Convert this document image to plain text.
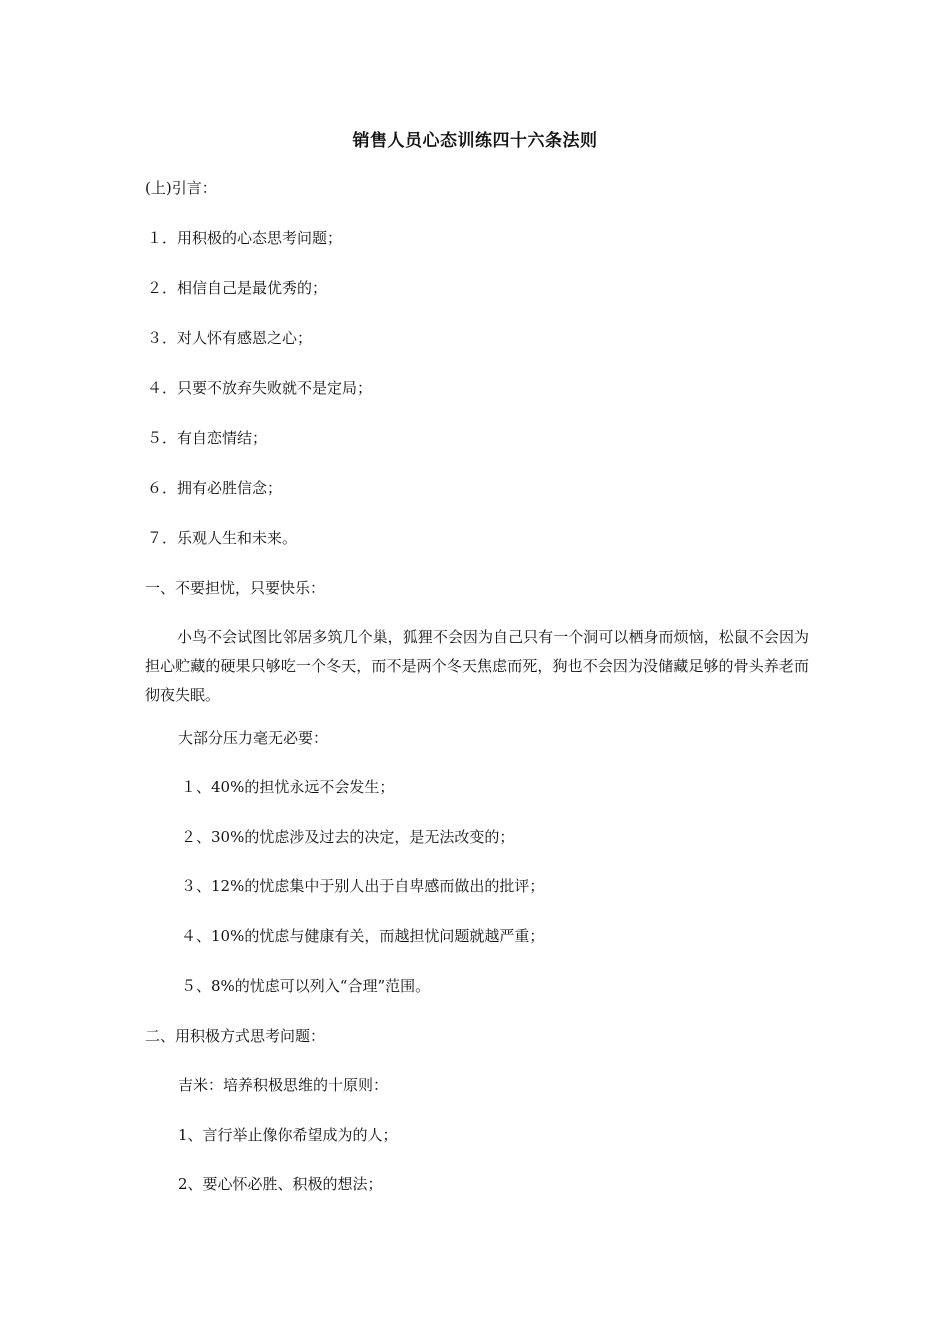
销售人员心态训练四十六条法则
(上)引言：
１．用积极的心态思考问题；
２．相信自己是最优秀的；
３．对人怀有感恩之心；
４．只要不放弃失败就不是定局；
５．有自恋情结；
６．拥有必胜信念；
７．乐观人生和未来。
一、不要担忧，只要快乐：
小鸟不会试图比邻居多筑几个巢，狐狸不会因为自己只有一个洞可以栖身而烦恼，松鼠不会因为担心贮藏的硬果只够吃一个冬天，而不是两个冬天焦虑而死，狗也不会因为没储藏足够的骨头养老而彻夜失眠。
大部分压力毫无必要：
１、40%的担忧永远不会发生；
２、30%的忧虑涉及过去的决定，是无法改变的；
３、12%的忧虑集中于别人出于自卑感而做出的批评；
４、10%的忧虑与健康有关，而越担忧问题就越严重；
５、8%的忧虑可以列入“合理”范围。
二、用积极方式思考问题：
吉米：培养积极思维的十原则：
1、言行举止像你希望成为的人；
2、要心怀必胜、积极的想法；
